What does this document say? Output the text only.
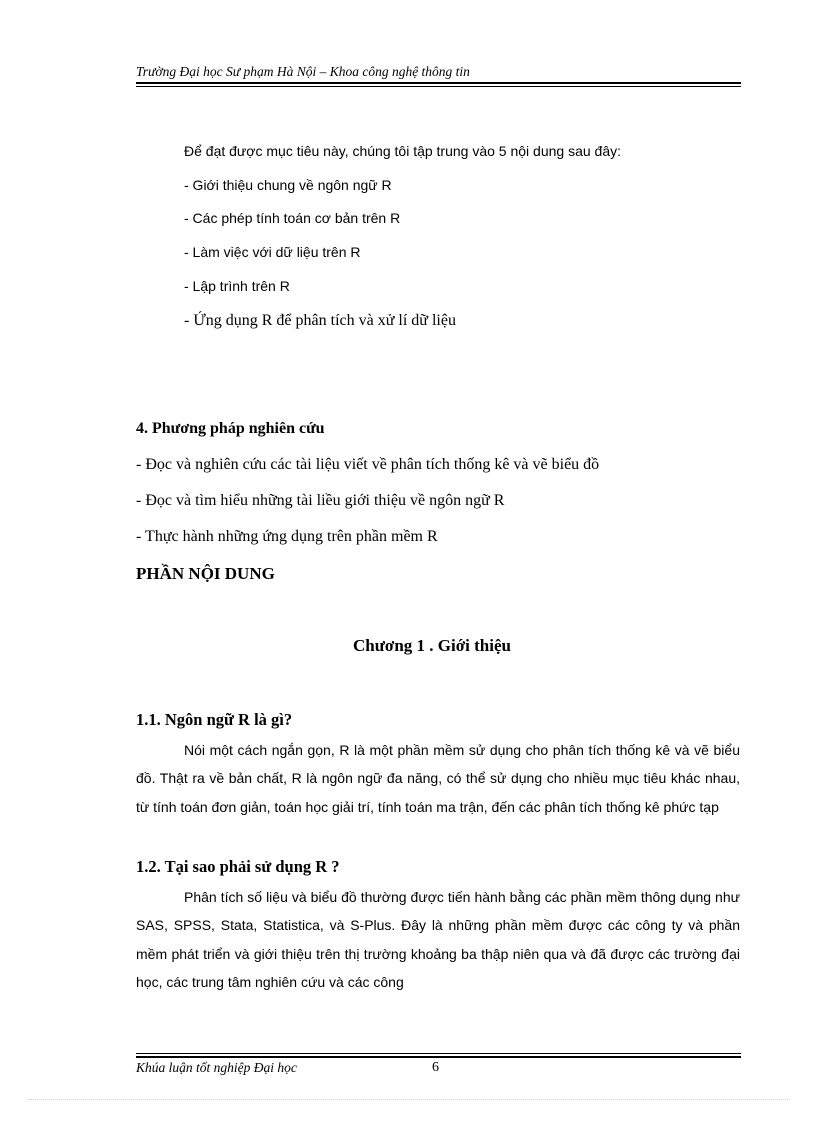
Trường Đại học Sư phạm Hà Nội – Khoa công nghệ thông tin
Để đạt được mục tiêu này, chúng tôi tập trung vào 5 nội dung sau đây:
- Giới thiệu chung về ngôn ngữ R
- Các phép tính toán cơ bản trên R
- Làm việc với dữ liệu trên R
- Lập trình trên R
- Ứng dụng R để phân tích và xử lí dữ liệu
4. Phương pháp nghiên cứu
- Đọc và nghiên cứu các tài liệu viết về phân tích thống kê và vẽ biểu đồ
- Đọc và tìm hiểu những tài liều giới thiệu về ngôn ngữ R
- Thực hành những ứng dụng trên phần mềm R
PHẦN NỘI DUNG
Chương 1 . Giới thiệu
1.1. Ngôn ngữ R là gì?
Nói một cách ngắn gọn, R là một phần mềm sử dụng cho phân tích thống kê và vẽ biểu đồ. Thật ra về bản chất, R là ngôn ngữ đa năng, có thể sử dụng cho nhiều mục tiêu khác nhau, từ tính toán đơn giản, toán học giải trí, tính toán ma trận, đến các phân tích thống kê phức tạp
1.2. Tại sao phải sử dụng R ?
Phân tích số liệu và biểu đồ thường được tiến hành bằng các phần mềm thông dụng như SAS, SPSS, Stata, Statistica, và S-Plus. Đây là những phần mềm được các công ty và phần mềm phát triển và giới thiệu trên thị trường khoảng ba thập niên qua và đã được các trường đại học, các trung tâm nghiên cứu và các công
Khúa luận tốt nghiệp Đại học	6
